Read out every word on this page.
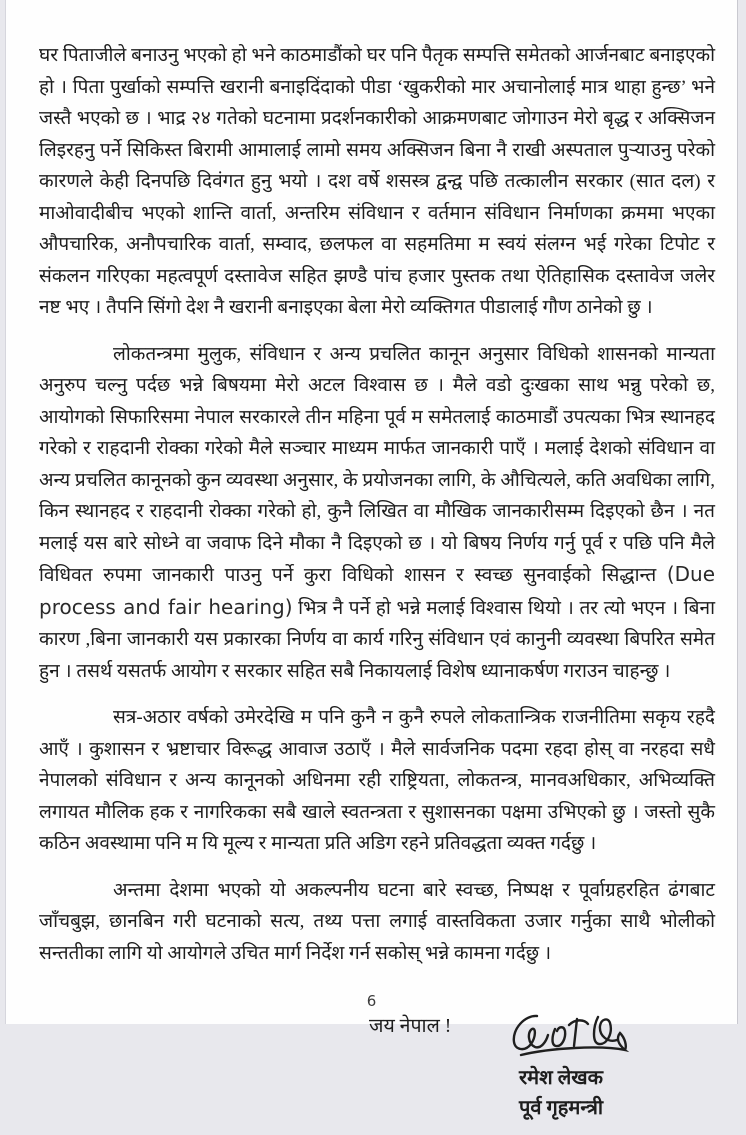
घर पिताजीले बनाउनु भएको हो भने काठमाडौंको घर पनि पैतृक सम्पत्ति समेतको आर्जनबाट बनाइएको हो । पिता पुर्खाको सम्पत्ति खरानी बनाइदिंदाको पीडा ‘खुकरीको मार अचानोलाई मात्र थाहा हुन्छ’ भने जस्तै भएको छ । भाद्र २४ गतेको घटनामा प्रदर्शनकारीको आक्रमणबाट जोगाउन मेरो बृद्ध र अक्सिजन लिइरहनु पर्ने सिकिस्त बिरामी आमालाई लामो समय अक्सिजन बिना नै राखी अस्पताल पुऱ्याउनु परेको कारणले केही दिनपछि दिवंगत हुनु भयो । दश वर्षे शसस्त्र द्वन्द्व पछि तत्कालीन सरकार (सात दल) र माओवादीबीच भएको शान्ति वार्ता, अन्तरिम संविधान र वर्तमान संविधान निर्माणका क्रममा भएका औपचारिक, अनौपचारिक वार्ता, सम्वाद, छलफल वा सहमतिमा म स्वयं संलग्न भई गरेका टिपोट र संकलन गरिएका महत्वपूर्ण दस्तावेज सहित झण्डै पांच हजार पुस्तक तथा ऐतिहासिक दस्तावेज जलेर नष्ट भए । तैपनि सिंगो देश नै खरानी बनाइएका बेला मेरो व्यक्तिगत पीडालाई गौण ठानेको छु ।

लोकतन्त्रमा मुलुक, संविधान र अन्य प्रचलित कानून अनुसार विधिको शासनको मान्यता अनुरुप चल्नु पर्दछ भन्ने बिषयमा मेरो अटल विश्वास छ । मैले वडो दुःखका साथ भन्नु परेको छ, आयोगको सिफारिसमा नेपाल सरकारले तीन महिना पूर्व म समेतलाई काठमाडौं उपत्यका भित्र स्थानहद गरेको र राहदानी रोक्का गरेको मैले सञ्चार माध्यम मार्फत जानकारी पाएँ । मलाई देशको संविधान वा अन्य प्रचलित कानूनको कुन व्यवस्था अनुसार, के प्रयोजनका लागि, के औचित्यले, कति अवधिका लागि, किन स्थानहद र राहदानी रोक्का गरेको हो, कुनै लिखित वा मौखिक जानकारीसम्म दिइएको छैन । नत मलाई यस बारे सोध्ने वा जवाफ दिने मौका नै दिइएको छ । यो बिषय निर्णय गर्नु पूर्व र पछि पनि मैले विधिवत रुपमा जानकारी पाउनु पर्ने कुरा विधिको शासन र स्वच्छ सुनवाईको सिद्धान्त (Due process and fair hearing) भित्र नै पर्ने हो भन्ने मलाई विश्वास थियो । तर त्यो भएन । बिना कारण ,बिना जानकारी यस प्रकारका निर्णय वा कार्य गरिनु संविधान एवं कानुनी व्यवस्था बिपरित समेत हुन । तसर्थ यसतर्फ आयोग र सरकार सहित सबै निकायलाई विशेष ध्यानाकर्षण गराउन चाहन्छु ।

सत्र-अठार वर्षको उमेरदेखि म पनि कुनै न कुनै रुपले लोकतान्त्रिक राजनीतिमा सकृय रहदै आएँ । कुशासन र भ्रष्टाचार विरूद्ध आवाज उठाएँ । मैले सार्वजनिक पदमा रहदा होस् वा नरहदा सधै नेपालको संविधान र अन्य कानूनको अधिनमा रही राष्ट्रियता, लोकतन्त्र, मानवअधिकार, अभिव्यक्ति लगायत मौलिक हक र नागरिकका सबै खाले स्वतन्त्रता र सुशासनका पक्षमा उभिएको छु । जस्तो सुकै कठिन अवस्थामा पनि म यि मूल्य र मान्यता प्रति अडिग रहने प्रतिवद्धता व्यक्त गर्दछु ।

अन्तमा देशमा भएको यो अकल्पनीय घटना बारे स्वच्छ, निष्पक्ष र पूर्वाग्रहरहित ढंगबाट जाँचबुझ, छानबिन गरी घटनाको सत्य, तथ्य पत्ता लगाई वास्तविकता उजार गर्नुका साथै भोलीको सन्ततीका लागि यो आयोगले उचित मार्ग निर्देश गर्न सकोस् भन्ने कामना गर्दछु ।

जय नेपाल !
रमेश लेखक
पूर्व गृहमन्त्री
6
